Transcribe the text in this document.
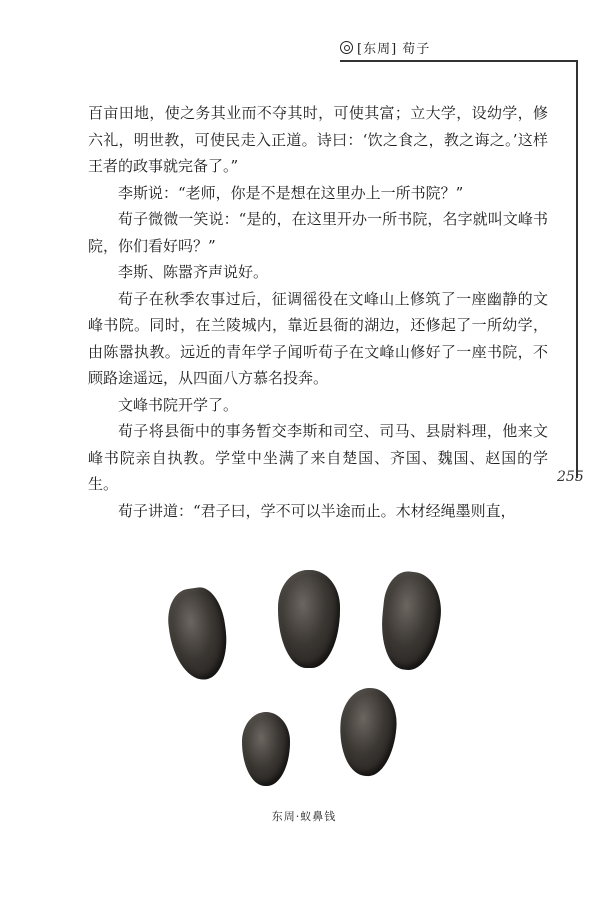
[东周] 荀子
255

百亩田地，使之务其业而不夺其时，可使其富；立大学，设幼学，修六礼，明世教，可使民走入正道。诗曰：‘饮之食之，教之诲之。’这样王者的政事就完备了。”

李斯说：“老师，你是不是想在这里办上一所书院？”

荀子微微一笑说：“是的，在这里开办一所书院，名字就叫文峰书院，你们看好吗？”

李斯、陈嚣齐声说好。

荀子在秋季农事过后，征调徭役在文峰山上修筑了一座幽静的文峰书院。同时，在兰陵城内，靠近县衙的湖边，还修起了一所幼学，由陈嚣执教。远近的青年学子闻听荀子在文峰山修好了一座书院，不顾路途遥远，从四面八方慕名投奔。

文峰书院开学了。

荀子将县衙中的事务暂交李斯和司空、司马、县尉料理，他来文峰书院亲自执教。学堂中坐满了来自楚国、齐国、魏国、赵国的学生。

荀子讲道：“君子曰，学不可以半途而止。木材经绳墨则直，

东周·蚁鼻钱
